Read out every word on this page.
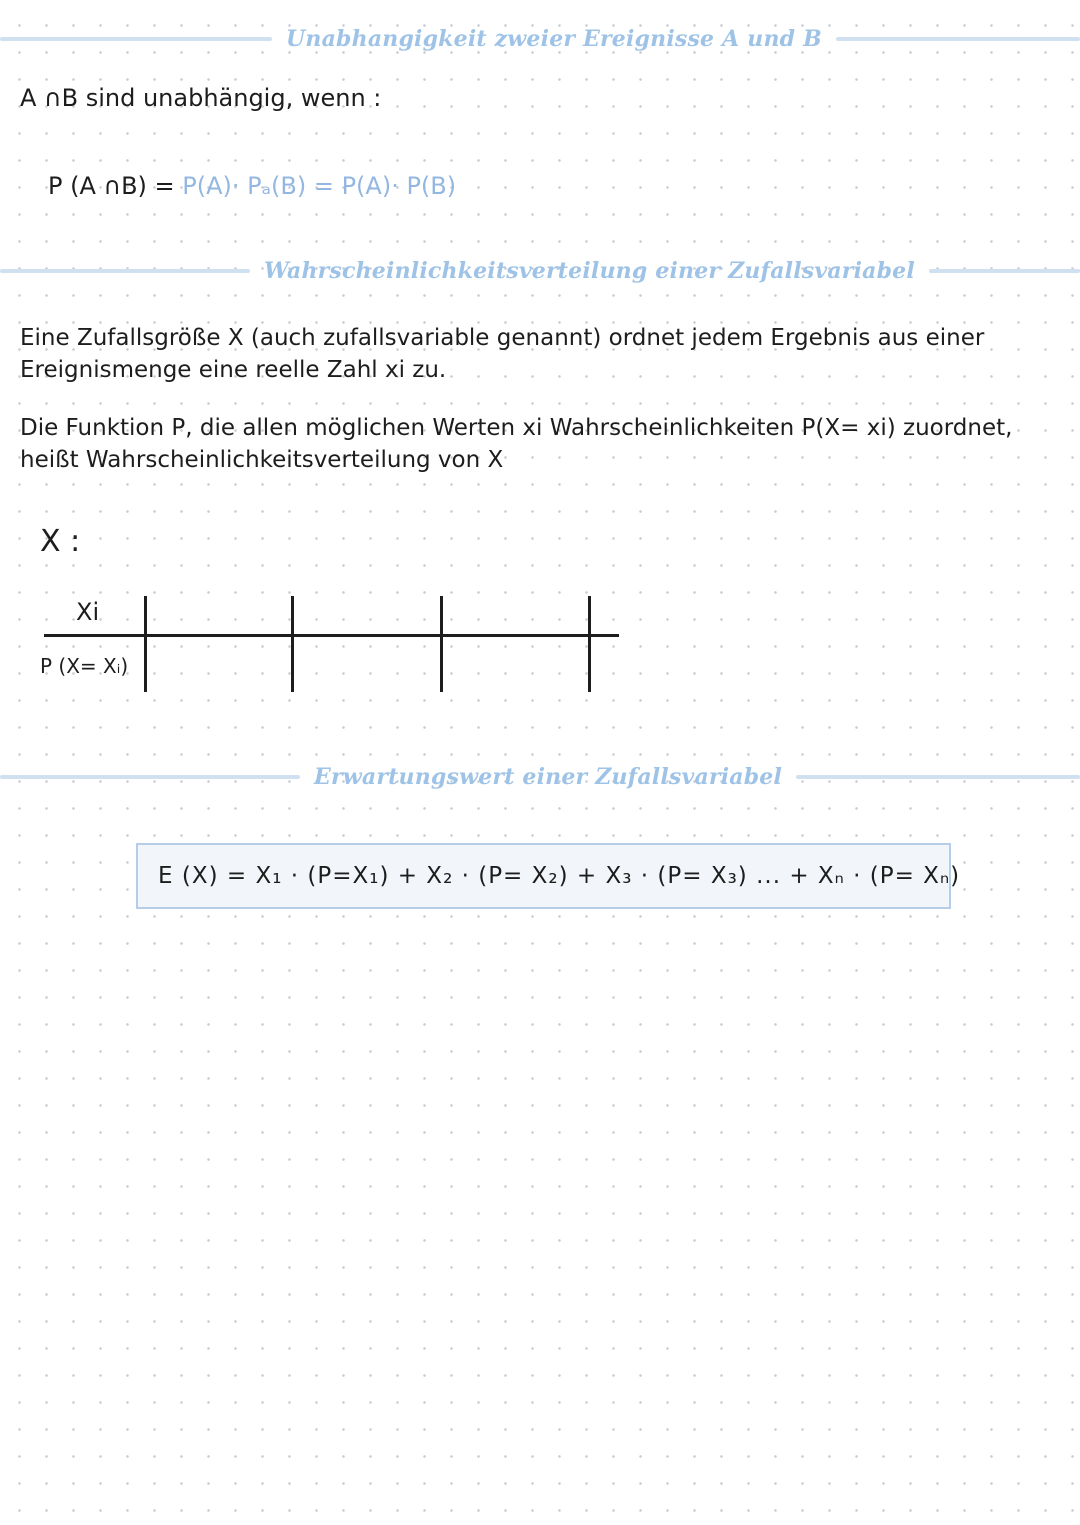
Unabhangigkeit zweier Ereignisse A und B
A ∩B sind unabhängig, wenn :
P (A ∩B) = P(A)· Pₐ(B) = P(A)· P(B)
Wahrscheinlichkeitsverteilung einer Zufallsvariabel

Eine Zufallsgröße X (auch zufallsvariable genannt) ordnet jedem Ergebnis aus einer Ereignismenge eine reelle Zahl xi zu.

Die Funktion P, die allen möglichen Werten xi Wahrscheinlichkeiten P(X= xi) zuordnet, heißt Wahrscheinlichkeitsverteilung von X

X :
Xi
P (X= Xᵢ)
Erwartungswert einer Zufallsvariabel
E (X) = X₁ · (P=X₁) + X₂ · (P= X₂) + X₃ · (P= X₃) ... + Xₙ · (P= Xₙ)
